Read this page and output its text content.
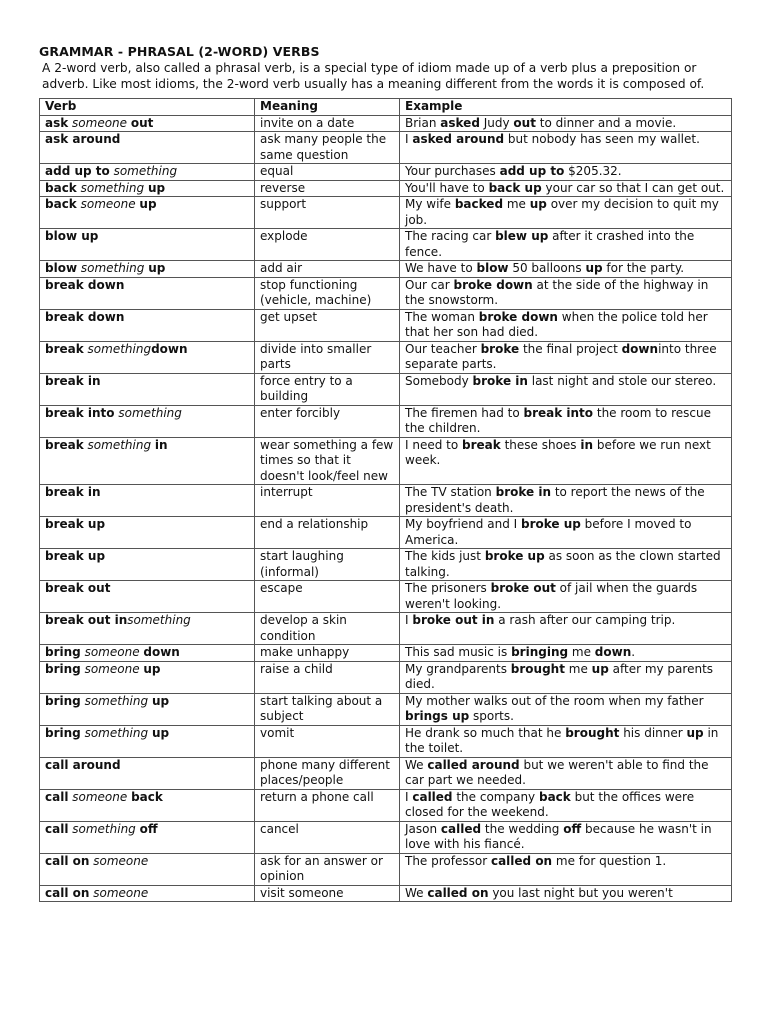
GRAMMAR - PHRASAL (2-WORD) VERBS

A 2-word verb, also called a phrasal verb, is a special type of idiom made up of a verb plus a preposition or adverb. Like most idioms, the 2-word verb usually has a meaning different from the words it is composed of.

Verb	Meaning	Example
ask someone out	invite on a date	Brian asked Judy out to dinner and a movie.
ask around	ask many people the same question	I asked around but nobody has seen my wallet.
add up to something	equal	Your purchases add up to $205.32.
back something up	reverse	You'll have to back up your car so that I can get out.
back someone up	support	My wife backed me up over my decision to quit my job.
blow up	explode	The racing car blew up after it crashed into the fence.
blow something up	add air	We have to blow 50 balloons up for the party.
break down	stop functioning (vehicle, machine)	Our car broke down at the side of the highway in the snowstorm.
break down	get upset	The woman broke down when the police told her that her son had died.
break somethingdown	divide into smaller parts	Our teacher broke the final project downinto three separate parts.
break in	force entry to a building	Somebody broke in last night and stole our stereo.
break into something	enter forcibly	The firemen had to break into the room to rescue the children.
break something in	wear something a few times so that it doesn't look/feel new	I need to break these shoes in before we run next week.
break in	interrupt	The TV station broke in to report the news of the president's death.
break up	end a relationship	My boyfriend and I broke up before I moved to America.
break up	start laughing (informal)	The kids just broke up as soon as the clown started talking.
break out	escape	The prisoners broke out of jail when the guards weren't looking.
break out insomething	develop a skin condition	I broke out in a rash after our camping trip.
bring someone down	make unhappy	This sad music is bringing me down.
bring someone up	raise a child	My grandparents brought me up after my parents died.
bring something up	start talking about a subject	My mother walks out of the room when my father brings up sports.
bring something up	vomit	He drank so much that he brought his dinner up in the toilet.
call around	phone many different places/people	We called around but we weren't able to find the car part we needed.
call someone back	return a phone call	I called the company back but the offices were closed for the weekend.
call something off	cancel	Jason called the wedding off because he wasn't in love with his fiancé.
call on someone	ask for an answer or opinion	The professor called on me for question 1.
call on someone	visit someone	We called on you last night but you weren't
